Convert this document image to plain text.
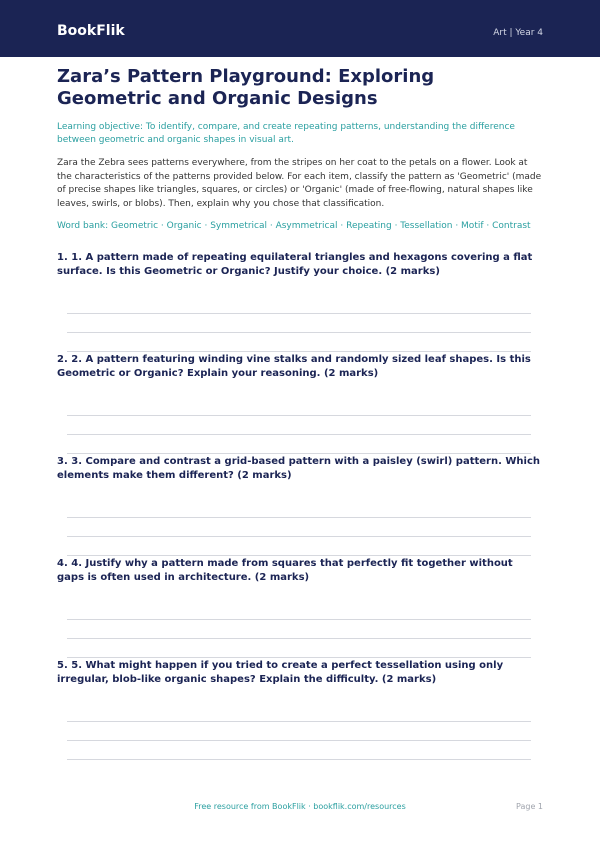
BookFlik	Art | Year 4
Zara’s Pattern Playground: Exploring Geometric and Organic Designs

Learning objective: To identify, compare, and create repeating patterns, understanding the difference between geometric and organic shapes in visual art.

Zara the Zebra sees patterns everywhere, from the stripes on her coat to the petals on a flower. Look at the characteristics of the patterns provided below. For each item, classify the pattern as 'Geometric' (made of precise shapes like triangles, squares, or circles) or 'Organic' (made of free-flowing, natural shapes like leaves, swirls, or blobs). Then, explain why you chose that classification.

Word bank: Geometric · Organic · Symmetrical · Asymmetrical · Repeating · Tessellation · Motif · Contrast

1. 1. A pattern made of repeating equilateral triangles and hexagons covering a flat surface. Is this Geometric or Organic? Justify your choice. (2 marks)

2. 2. A pattern featuring winding vine stalks and randomly sized leaf shapes. Is this Geometric or Organic? Explain your reasoning. (2 marks)

3. 3. Compare and contrast a grid-based pattern with a paisley (swirl) pattern. Which elements make them different? (2 marks)

4. 4. Justify why a pattern made from squares that perfectly fit together without gaps is often used in architecture. (2 marks)

5. 5. What might happen if you tried to create a perfect tessellation using only irregular, blob-like organic shapes? Explain the difficulty. (2 marks)

Free resource from BookFlik · bookflik.com/resources	Page 1
